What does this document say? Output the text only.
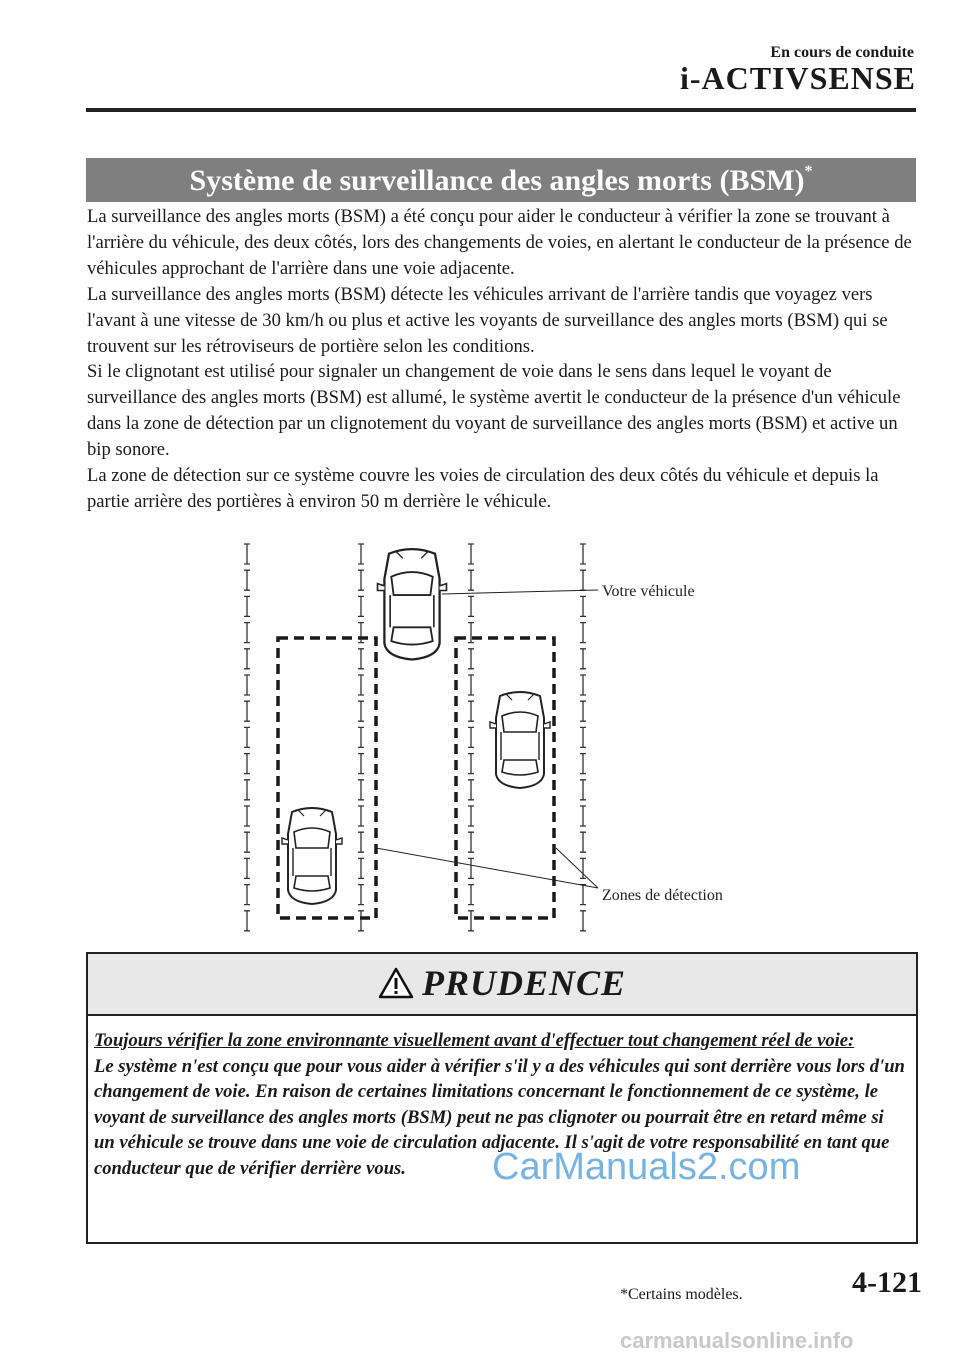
En cours de conduite
i-ACTIVSENSE
Système de surveillance des angles morts (BSM)*

La surveillance des angles morts (BSM) a été conçu pour aider le conducteur à vérifier la zone se trouvant à l'arrière du véhicule, des deux côtés, lors des changements de voies, en alertant le conducteur de la présence de véhicules approchant de l'arrière dans une voie adjacente.

La surveillance des angles morts (BSM) détecte les véhicules arrivant de l'arrière tandis que voyagez vers l'avant à une vitesse de 30 km/h ou plus et active les voyants de surveillance des angles morts (BSM) qui se trouvent sur les rétroviseurs de portière selon les conditions.

Si le clignotant est utilisé pour signaler un changement de voie dans le sens dans lequel le voyant de surveillance des angles morts (BSM) est allumé, le système avertit le conducteur de la présence d'un véhicule dans la zone de détection par un clignotement du voyant de surveillance des angles morts (BSM) et active un bip sonore.

La zone de détection sur ce système couvre les voies de circulation des deux côtés du véhicule et depuis la partie arrière des portières à environ 50 m derrière le véhicule.

Votre véhicule
Zones de détection
PRUDENCE

Toujours vérifier la zone environnante visuellement avant d'effectuer tout changement réel de voie:

Le système n'est conçu que pour vous aider à vérifier s'il y a des véhicules qui sont derrière vous lors d'un changement de voie. En raison de certaines limitations concernant le fonctionnement de ce système, le voyant de surveillance des angles morts (BSM) peut ne pas clignoter ou pourrait être en retard même si un véhicule se trouve dans une voie de circulation adjacente. Il s'agit de votre responsabilité en tant que conducteur que de vérifier derrière vous.	CarManuals2.com
*Certains modèles.	4-121
carmanualsonline.info
